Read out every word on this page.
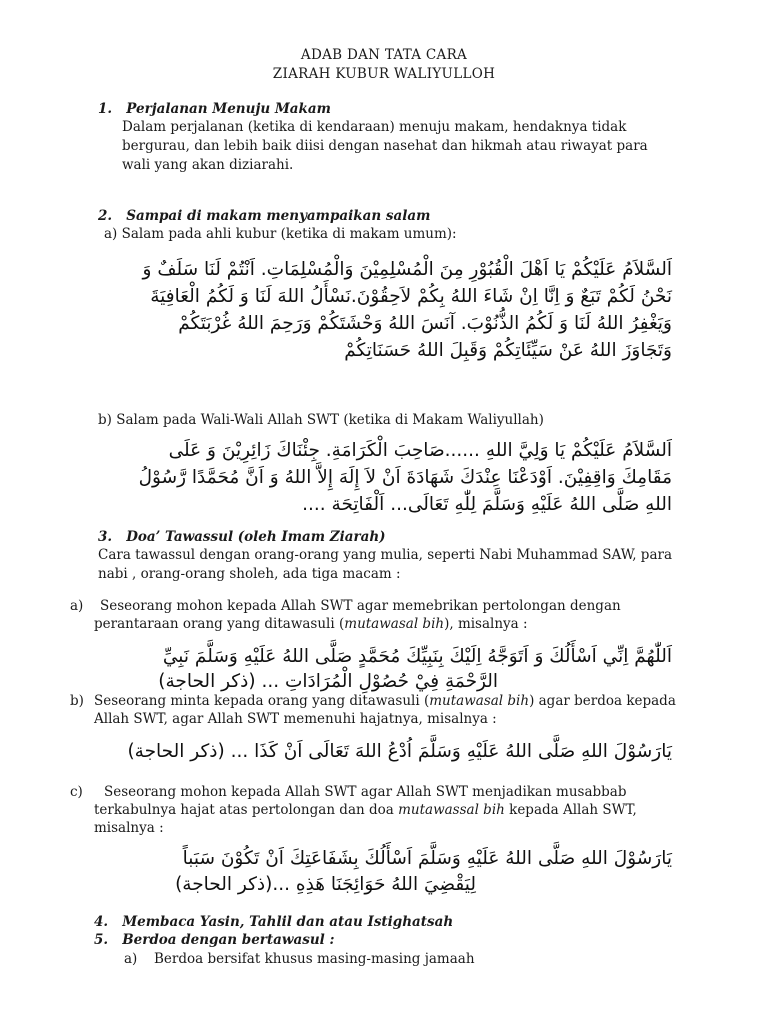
ADAB DAN TATA CARA
ZIARAH KUBUR WALIYULLOH
1. Perjalanan Menuju Makam
Dalam perjalanan (ketika di kendaraan) menuju makam, hendaknya tidak
bergurau, dan lebih baik diisi dengan nasehat dan hikmah atau riwayat para
wali yang akan diziarahi.
2. Sampai di makam menyampaikan salam
a) Salam pada ahli kubur (ketika di makam umum):
اَلسَّلاَمُ عَلَيْكُمْ يَا اَهْلَ الْقُبُوْرِ مِنَ الْمُسْلِمِيْنَ وَالْمُسْلِمَاتِ. اَنْتُمْ لَنَا سَلَفٌ وَ
نَحْنُ لَكُمْ تَبَعٌ وَ اِنَّا اِنْ شَاءَ اللهُ بِكُمْ لاَحِقُوْنَ.نَسْأَلُ اللهَ لَنَا وَ لَكُمُ الْعَافِيَةَ
وَيَغْفِرُ اللهُ لَنَا وَ لَكُمُ الذُّنُوْبَ. آنَسَ اللهُ وَحْشَتَكُمْ وَرَحِمَ اللهُ غُرْبَتَكُمْ
وَتَجَاوَزَ اللهُ عَنْ سَيِّئَاتِكُمْ وَقَبِلَ اللهُ حَسَنَاتِكُمْ
b) Salam pada Wali-Wali Allah SWT (ketika di Makam Waliyullah)
اَلسَّلاَمُ عَلَيْكُمْ يَا وَلِيَّ اللهِ ......صَاحِبَ الْكَرَامَةِ. جِئْنَاكَ زَائِرِيْنَ وَ عَلَى
مَقَامِكَ وَاقِفِيْنَ. اَوْدَعْنَا عِنْدَكَ شَهَادَةَ اَنْ لاَ إِلَهَ إِلاَّ اللهُ وَ اَنَّ مُحَمَّدًا رَّسُوْلُ
اللهِ صَلَّى اللهُ عَلَيْهِ وَسَلَّمَ لِلّٰهِ تَعَالَى... اَلْفَاتِحَة ....
3. Doa’ Tawassul (oleh Imam Ziarah)
Cara tawassul dengan orang-orang yang mulia, seperti Nabi Muhammad SAW, para
nabi , orang-orang sholeh, ada tiga macam :
a) Seseorang mohon kepada Allah SWT agar memebrikan pertolongan dengan
perantaraan orang yang ditawasuli (mutawasal bih), misalnya :
اَللّٰهُمَّ اِنِّي اَسْأَلُكَ وَ اَتَوَجَّهُ اِلَيْكَ بِنَبِيِّكَ مُحَمَّدٍ صَلَّى اللهُ عَلَيْهِ وَسَلَّمَ نَبِيِّ
الرَّحْمَةِ فِيْ حُصُوْلِ الْمُرَادَاتِ ... (ذكر الحاجة)
b) Seseorang minta kepada orang yang ditawasuli (mutawasal bih) agar berdoa kepada
Allah SWT, agar Allah SWT memenuhi hajatnya, misalnya :
يَارَسُوْلَ اللهِ صَلَّى اللهُ عَلَيْهِ وَسَلَّمَ اُدْعُ اللهَ تَعَالَى اَنْ كَذَا ... (ذكر الحاجة)
c) Seseorang mohon kepada Allah SWT agar Allah SWT menjadikan musabbab
terkabulnya hajat atas pertolongan dan doa mutawassal bih kepada Allah SWT,
misalnya :
يَارَسُوْلَ اللهِ صَلَّى اللهُ عَلَيْهِ وَسَلَّمَ اَسْأَلُكَ بِشَفَاعَتِكَ اَنْ تَكُوْنَ سَبَباً
لِيَقْضِيَ اللهُ حَوَائِجَنَا هَذِهِ ...(ذكر الحاجة)
4. Membaca Yasin, Tahlil dan atau Istighatsah
5. Berdoa dengan bertawasul :
a) Berdoa bersifat khusus masing-masing jamaah
